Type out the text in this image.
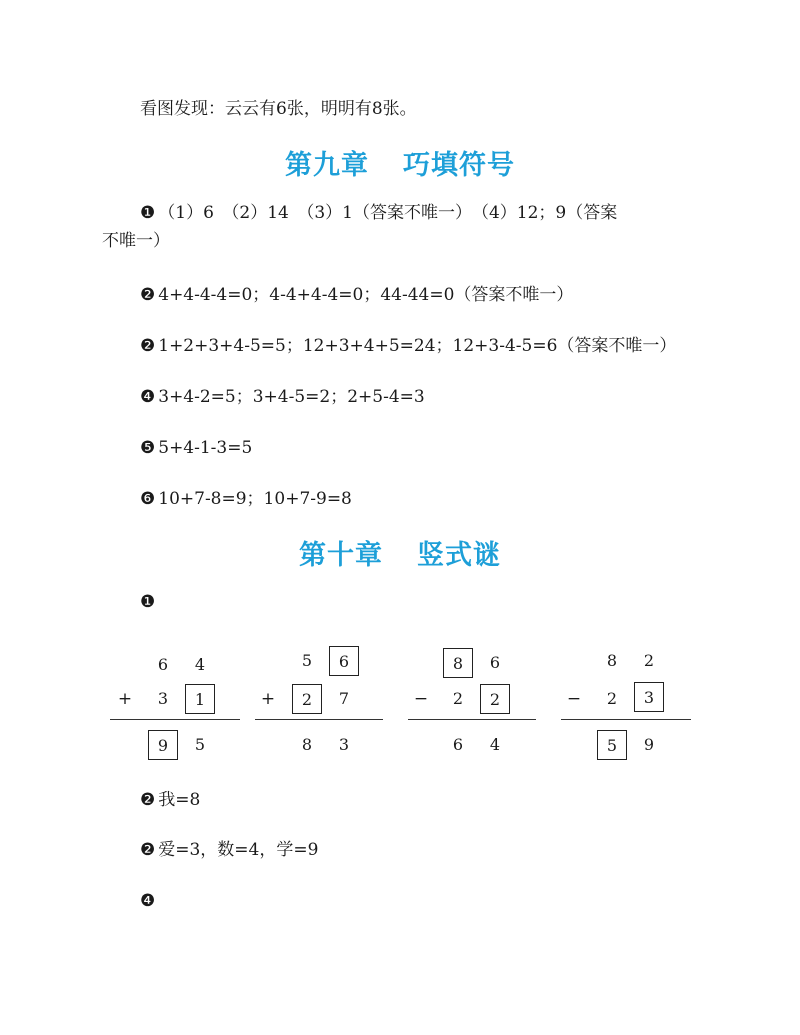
看图发现：云云有6张，明明有8张。
第九章 巧填符号
❶ （1）6　（2）14　（3）1（答案不唯一）　（4）12；9（答案
不唯一）
❷ 4+4-4-4=0；4-4+4-4=0；44-44=0（答案不唯一）
❷ 1+2+3+4-5=5；12+3+4+5=24；12+3-4-5=6（答案不唯一）
❹ 3+4-2=5；3+4-5=2；2+5-4=3
❺ 5+4-1-3=5
❻ 10+7-8=9；10+7-9=8
第十章 竖式谜
❶
6	4
+	3	1
9	5
5	6
+	2	7
8	3
8	6
−	2	2
6	4
8	2
−	2	3
5	9
❷ 我=8
❷ 爱=3，数=4，学=9
❹
